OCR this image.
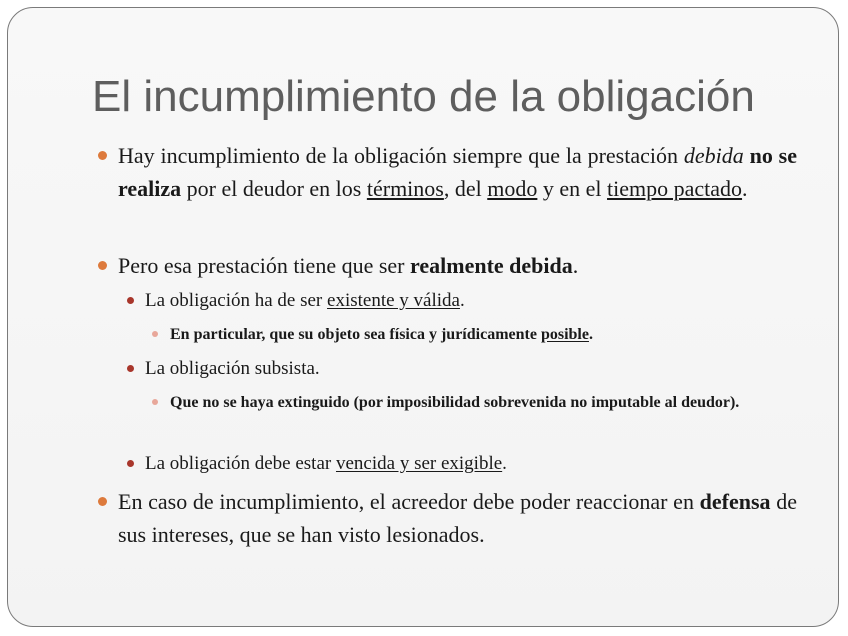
El incumplimiento de la obligación
Hay incumplimiento de la obligación siempre que la prestación debida no se realiza por el deudor en los términos, del modo y en el tiempo pactado.
Pero esa prestación tiene que ser realmente debida.
La obligación ha de ser existente y válida.
En particular, que su objeto sea física y jurídicamente posible.
La obligación subsista.
Que no se haya extinguido (por imposibilidad sobrevenida no imputable al deudor).
La obligación debe estar vencida y ser exigible.
En caso de incumplimiento, el acreedor debe poder reaccionar en defensa de sus intereses, que se han visto lesionados.
